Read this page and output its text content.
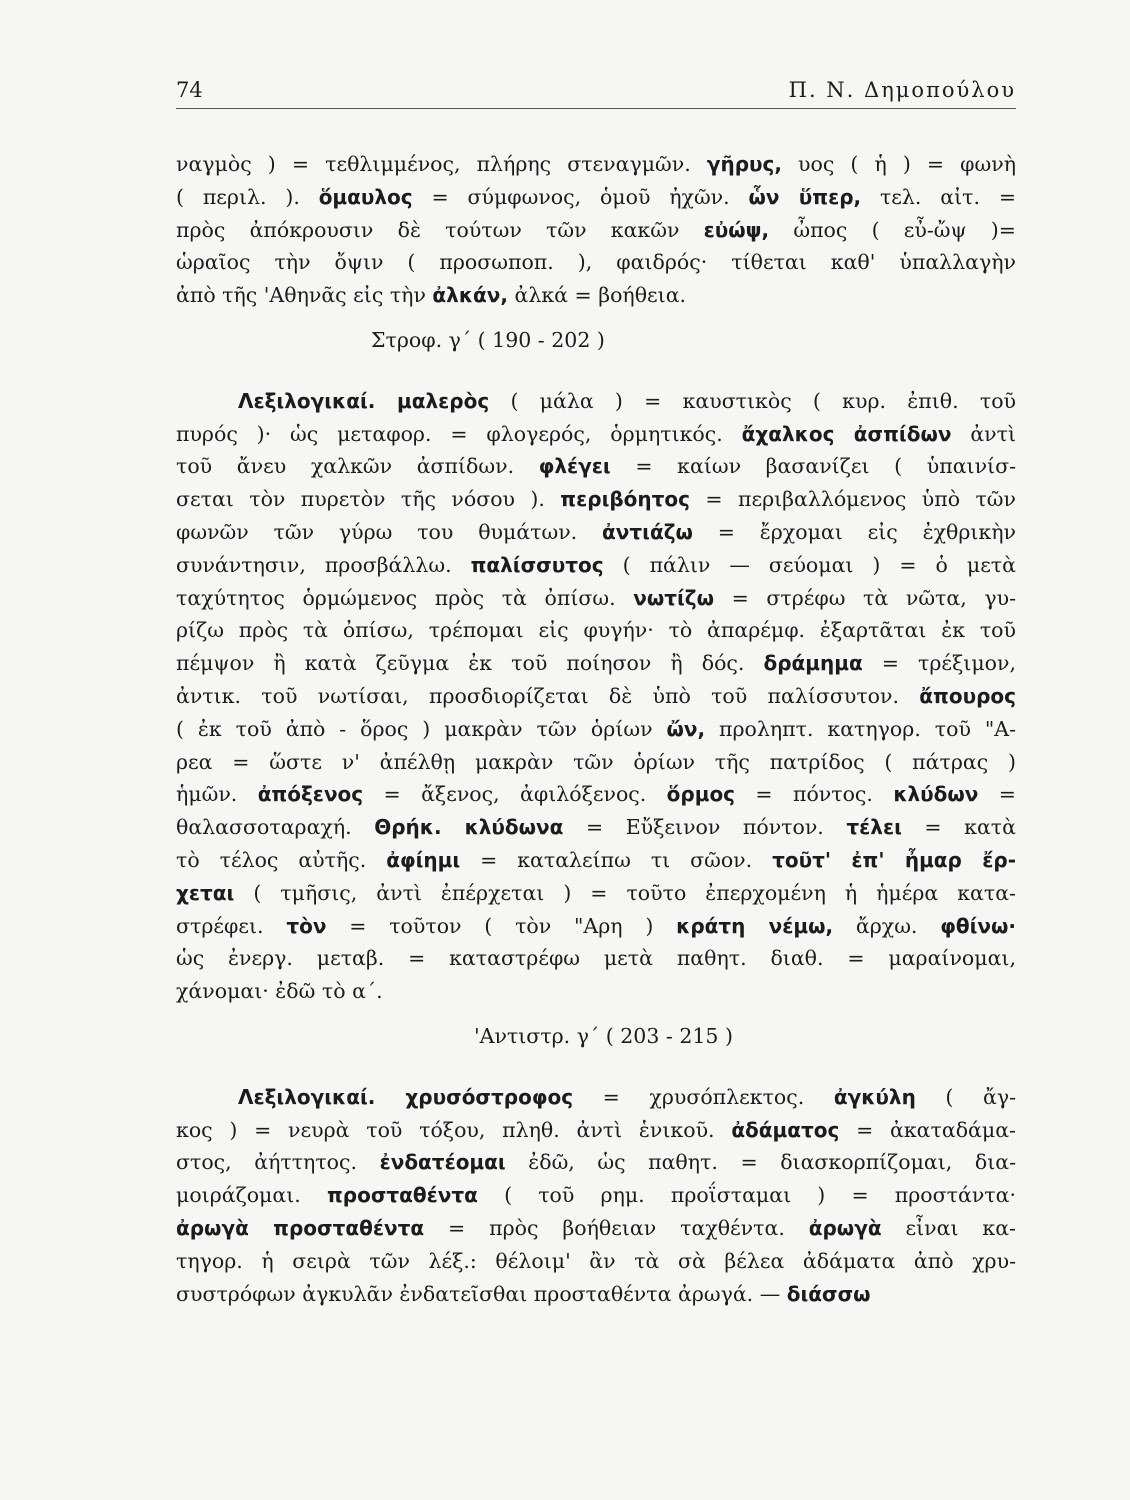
74	Π. Ν. Δημοπούλου
ναγμὸς ) = τεθλιμμένος, πλήρης στεναγμῶν. γῆρυς, υος ( ἡ ) = φωνὴ
( περιλ. ). ὅμαυλος = σύμφωνος, ὁμοῦ ἠχῶν. ὧν ὕπερ, τελ. αἰτ. =
πρὸς ἀπόκρουσιν δὲ τούτων τῶν κακῶν εὐώψ, ὦπος ( εὖ-ὤψ )=
ὡραῖος τὴν ὄψιν ( προσωποπ. ), φαιδρός· τίθεται καθ' ὑπαλλαγὴν
ἀπὸ τῆς 'Αθηνᾶς εἰς τὴν ἀλκάν, ἀλκά = βοήθεια.
Στροφ. γ΄ ( 190 - 202 )
Λεξιλογικαί. μαλερὸς ( μάλα ) = καυστικὸς ( κυρ. ἐπιθ. τοῦ
πυρός )· ὡς μεταφορ. = φλογερός, ὁρμητικός. ἄχαλκος ἀσπίδων ἀντὶ
τοῦ ἄνευ χαλκῶν ἀσπίδων. φλέγει = καίων βασανίζει ( ὑπαινίσ-
σεται τὸν πυρετὸν τῆς νόσου ). περιβόητος = περιβαλλόμενος ὑπὸ τῶν
φωνῶν τῶν γύρω του θυμάτων. ἀντιάζω = ἔρχομαι εἰς ἐχθρικὴν
συνάντησιν, προσβάλλω. παλίσσυτος ( πάλιν — σεύομαι ) = ὁ μετὰ
ταχύτητος ὁρμώμενος πρὸς τὰ ὀπίσω. νωτίζω = στρέφω τὰ νῶτα, γυ-
ρίζω πρὸς τὰ ὀπίσω, τρέπομαι εἰς φυγήν· τὸ ἀπαρέμφ. ἐξαρτᾶται ἐκ τοῦ
πέμψον ἢ κατὰ ζεῦγμα ἐκ τοῦ ποίησον ἢ δός. δράμημα = τρέξιμον,
ἀντικ. τοῦ νωτίσαι, προσδιορίζεται δὲ ὑπὸ τοῦ παλίσσυτον. ἄπουρος
( ἐκ τοῦ ἀπὸ - ὅρος ) μακρὰν τῶν ὁρίων ὤν, προληπτ. κατηγορ. τοῦ "Α-
ρεα = ὥστε ν' ἀπέλθῃ μακρὰν τῶν ὁρίων τῆς πατρίδος ( πάτρας )
ἡμῶν. ἀπόξενος = ἄξενος, ἀφιλόξενος. ὅρμος = πόντος. κλύδων =
θαλασσοταραχή. Θρήκ. κλύδωνα = Εὔξεινον πόντον. τέλει = κατὰ
τὸ τέλος αὐτῆς. ἀφίημι = καταλείπω τι σῶον. τοῦτ' ἐπ' ἦμαρ ἔρ-
χεται ( τμῆσις, ἀντὶ ἐπέρχεται ) = τοῦτο ἐπερχομένη ἡ ἡμέρα κατα-
στρέφει. τὸν = τοῦτον ( τὸν "Αρη ) κράτη νέμω, ἄρχω. φθίνω·
ὡς ἐνεργ. μεταβ. = καταστρέφω μετὰ παθητ. διαθ. = μαραίνομαι,
χάνομαι· ἐδῶ τὸ α΄.
'Αντιστρ. γ΄ ( 203 - 215 )
Λεξιλογικαί. χρυσόστροφος = χρυσόπλεκτος. ἀγκύλη ( ἄγ-
κος ) = νευρὰ τοῦ τόξου, πληθ. ἀντὶ ἑνικοῦ. ἀδάματος = ἀκαταδάμα-
στος, ἀήττητος. ἐνδατέομαι ἐδῶ, ὡς παθητ. = διασκορπίζομαι, δια-
μοιράζομαι. προσταθέντα ( τοῦ ρημ. προΐσταμαι ) = προστάντα·
ἀρωγὰ προσταθέντα = πρὸς βοήθειαν ταχθέντα. ἀρωγὰ εἶναι κα-
τηγορ. ἡ σειρὰ τῶν λέξ.: θέλοιμ' ἂν τὰ σὰ βέλεα ἀδάματα ἀπὸ χρυ-
συστρόφων ἀγκυλᾶν ἐνδατεῖσθαι προσταθέντα ἀρωγά. — διάσσω
